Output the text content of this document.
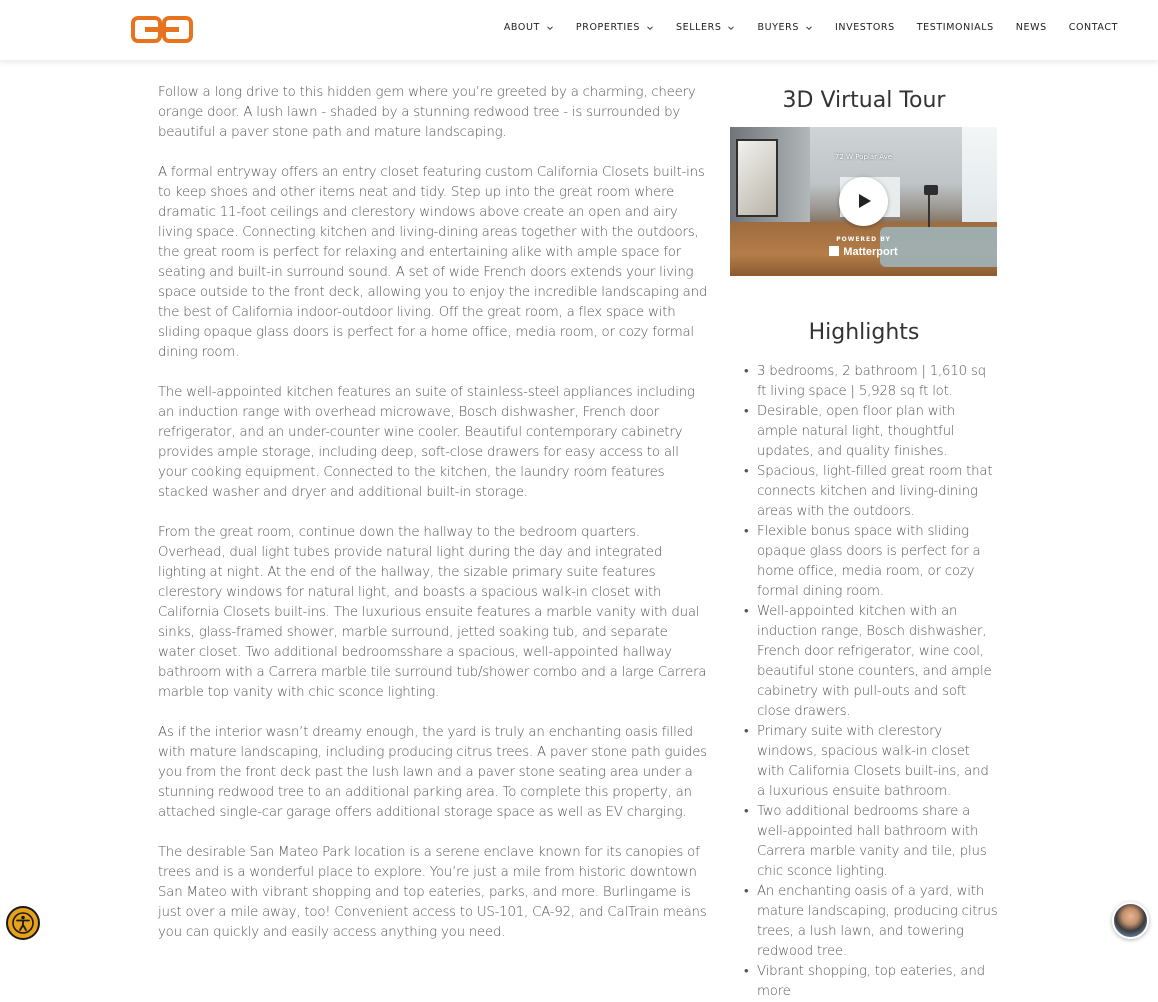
ABOUT	PROPERTIES	SELLERS	BUYERS	INVESTORS TESTIMONIALS NEWS CONTACT

Follow a long drive to this hidden gem where you’re greeted by a charming, cheery orange door. A lush lawn - shaded by a stunning redwood tree - is surrounded by beautiful a paver stone path and mature landscaping.

A formal entryway offers an entry closet featuring custom California Closets built-ins to keep shoes and other items neat and tidy. Step up into the great room where dramatic 11-foot ceilings and clerestory windows above create an open and airy living space. Connecting kitchen and living-dining areas together with the outdoors, the great room is perfect for relaxing and entertaining alike with ample space for seating and built-in surround sound. A set of wide French doors extends your living space outside to the front deck, allowing you to enjoy the incredible landscaping and the best of California indoor-outdoor living. Off the great room, a flex space with sliding opaque glass doors is perfect for a home office, media room, or cozy formal dining room.

The well-appointed kitchen features an suite of stainless-steel appliances including an induction range with overhead microwave, Bosch dishwasher, French door refrigerator, and an under-counter wine cooler. Beautiful contemporary cabinetry provides ample storage, including deep, soft-close drawers for easy access to all your cooking equipment. Connected to the kitchen, the laundry room features stacked washer and dryer and additional built-in storage.

From the great room, continue down the hallway to the bedroom quarters. Overhead, dual light tubes provide natural light during the day and integrated lighting at night. At the end of the hallway, the sizable primary suite features clerestory windows for natural light, and boasts a spacious walk-in closet with California Closets built-ins. The luxurious ensuite features a marble vanity with dual sinks, glass-framed shower, marble surround, jetted soaking tub, and separate water closet. Two additional bedroomsshare a spacious, well-appointed hallway bathroom with a Carrera marble tile surround tub/shower combo and a large Carrera marble top vanity with chic sconce lighting.

As if the interior wasn’t dreamy enough, the yard is truly an enchanting oasis filled with mature landscaping, including producing citrus trees. A paver stone path guides you from the front deck past the lush lawn and a paver stone seating area under a stunning redwood tree to an additional parking area. To complete this property, an attached single-car garage offers additional storage space as well as EV charging.

The desirable San Mateo Park location is a serene enclave known for its canopies of trees and is a wonderful place to explore. You’re just a mile from historic downtown San Mateo with vibrant shopping and top eateries, parks, and more. Burlingame is just over a mile away, too! Convenient access to US-101, CA-92, and CalTrain means you can quickly and easily access anything you need.

3D Virtual Tour
72 W Poplar Ave
POWERED BY
Matterport
Highlights
• 3 bedrooms, 2 bathroom | 1,610 sq ft living space | 5,928 sq ft lot.
• Desirable, open floor plan with ample natural light, thoughtful updates, and quality finishes.
• Spacious, light-filled great room that connects kitchen and living-dining areas with the outdoors.
• Flexible bonus space with sliding opaque glass doors is perfect for a home office, media room, or cozy formal dining room.
• Well-appointed kitchen with an induction range, Bosch dishwasher, French door refrigerator, wine cool, beautiful stone counters, and ample cabinetry with pull-outs and soft close drawers.
• Primary suite with clerestory windows, spacious walk-in closet with California Closets built-ins, and a luxurious ensuite bathroom.
• Two additional bedrooms share a well-appointed hall bathroom with Carrera marble vanity and tile, plus chic sconce lighting.
• An enchanting oasis of a yard, with mature landscaping, producing citrus trees, a lush lawn, and towering redwood tree.
• Vibrant shopping, top eateries, and more
